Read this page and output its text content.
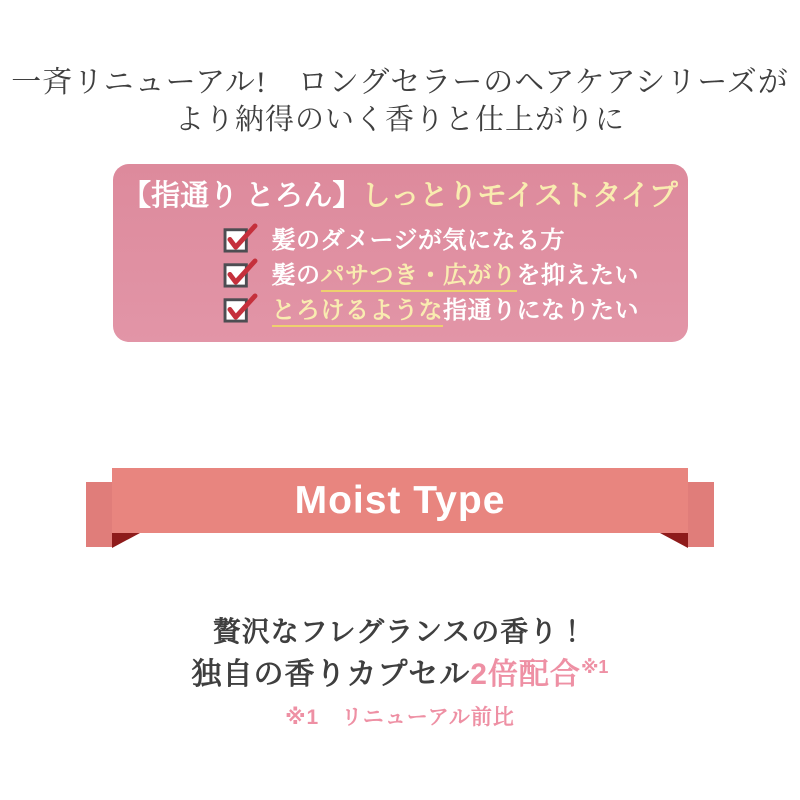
一斉リニューアル!　ロングセラーのヘアケアシリーズが
より納得のいく香りと仕上がりに
【指通り とろん】しっとりモイストタイプ
髪のダメージが気になる方
髪のパサつき・広がりを抑えたい
とろけるような指通りになりたい
Moist Type
贅沢なフレグランスの香り！
独自の香りカプセル2倍配合$^{※1}$
※1　リニューアル前比
